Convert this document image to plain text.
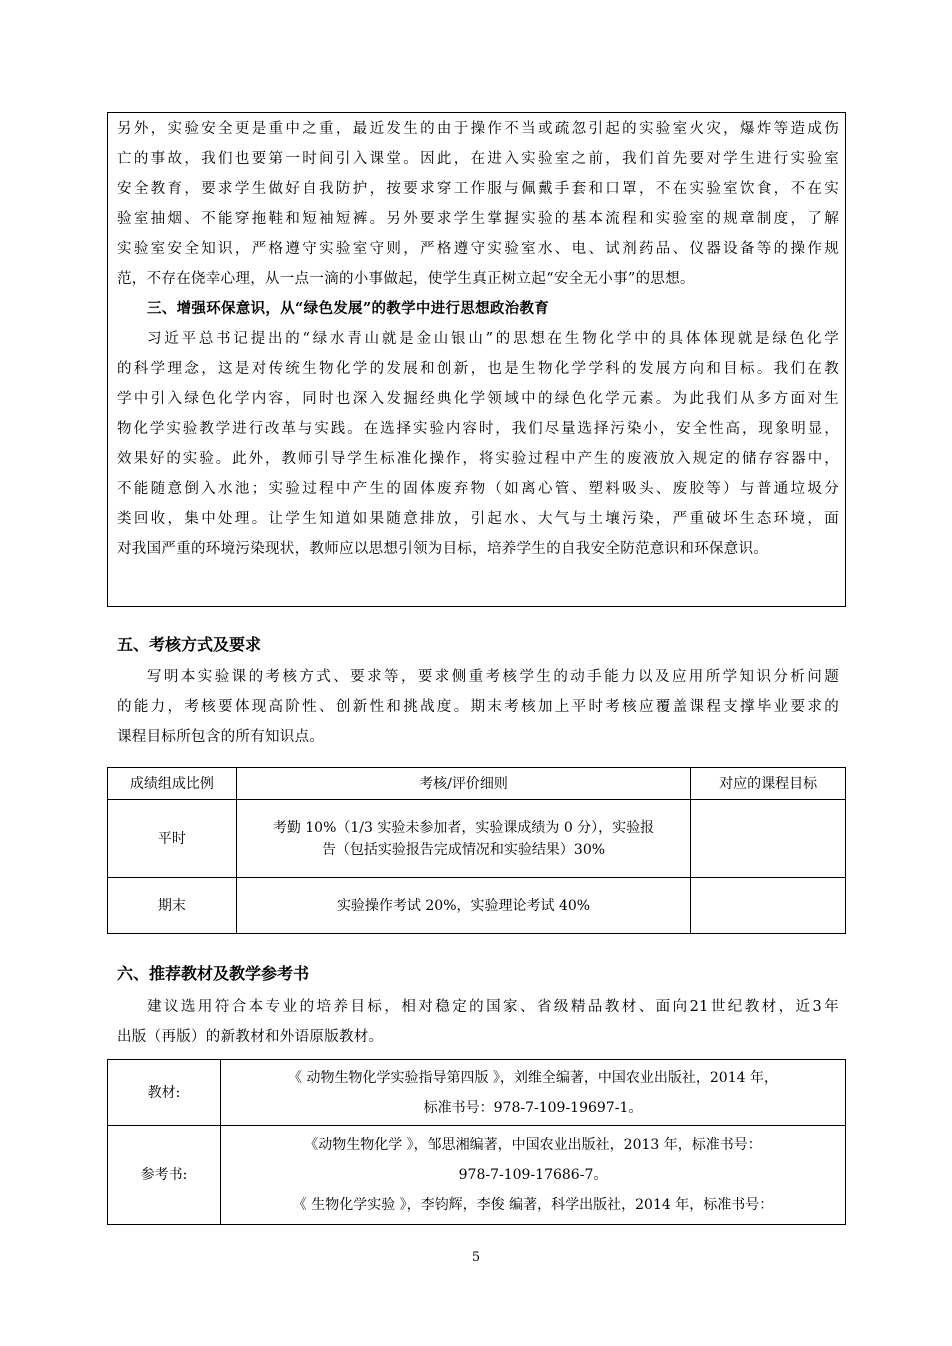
另外，实验安全更是重中之重，最近发生的由于操作不当或疏忽引起的实验室火灾，爆炸等造成伤
亡的事故，我们也要第一时间引入课堂。因此，在进入实验室之前，我们首先要对学生进行实验室
安全教育，要求学生做好自我防护，按要求穿工作服与佩戴手套和口罩，不在实验室饮食，不在实
验室抽烟、不能穿拖鞋和短袖短裤。另外要求学生掌握实验的基本流程和实验室的规章制度，了解
实验室安全知识，严格遵守实验室守则，严格遵守实验室水、电、试剂药品、仪器设备等的操作规
范，不存在侥幸心理，从一点一滴的小事做起，使学生真正树立起“安全无小事”的思想。
三、增强环保意识，从“绿色发展”的教学中进行思想政治教育
习近平总书记提出的“绿水青山就是金山银山”的思想在生物化学中的具体体现就是绿色化学
的科学理念，这是对传统生物化学的发展和创新，也是生物化学学科的发展方向和目标。我们在教
学中引入绿色化学内容，同时也深入发掘经典化学领域中的绿色化学元素。为此我们从多方面对生
物化学实验教学进行改革与实践。在选择实验内容时，我们尽量选择污染小，安全性高，现象明显，
效果好的实验。此外，教师引导学生标准化操作，将实验过程中产生的废液放入规定的储存容器中，
不能随意倒入水池；实验过程中产生的固体废弃物（如离心管、塑料吸头、废胶等）与普通垃圾分
类回收，集中处理。让学生知道如果随意排放，引起水、大气与土壤污染，严重破坏生态环境，面
对我国严重的环境污染现状，教师应以思想引领为目标，培养学生的自我安全防范意识和环保意识。
五、考核方式及要求
写明本实验课的考核方式、要求等，要求侧重考核学生的动手能力以及应用所学知识分析问题
的能力，考核要体现高阶性、创新性和挑战度。期末考核加上平时考核应覆盖课程支撑毕业要求的
课程目标所包含的所有知识点。
成绩组成比例	考核/评价细则	对应的课程目标
平时	考勤 10%（1/3 实验未参加者，实验课成绩为 0 分），实验报
告（包括实验报告完成情况和实验结果）30%	

期末	实验操作考试 20%，实验理论考试 40%	

六、推荐教材及教学参考书
建议选用符合本专业的培养目标，相对稳定的国家、省级精品教材、面向21世纪教材，近3年
出版（再版）的新教材和外语原版教材。
教材:	《 动物生物化学实验指导第四版 》，刘维全编著，中国农业出版社，2014 年，
标准书号：978-7-109-19697-1。

参考书:	《动物生物化学 》，邹思湘编著，中国农业出版社，2013 年，标准书号：
978-7-109-17686-7。
《 生物化学实验 》，李钧辉，李俊 编著，科学出版社，2014 年，标准书号：
5
